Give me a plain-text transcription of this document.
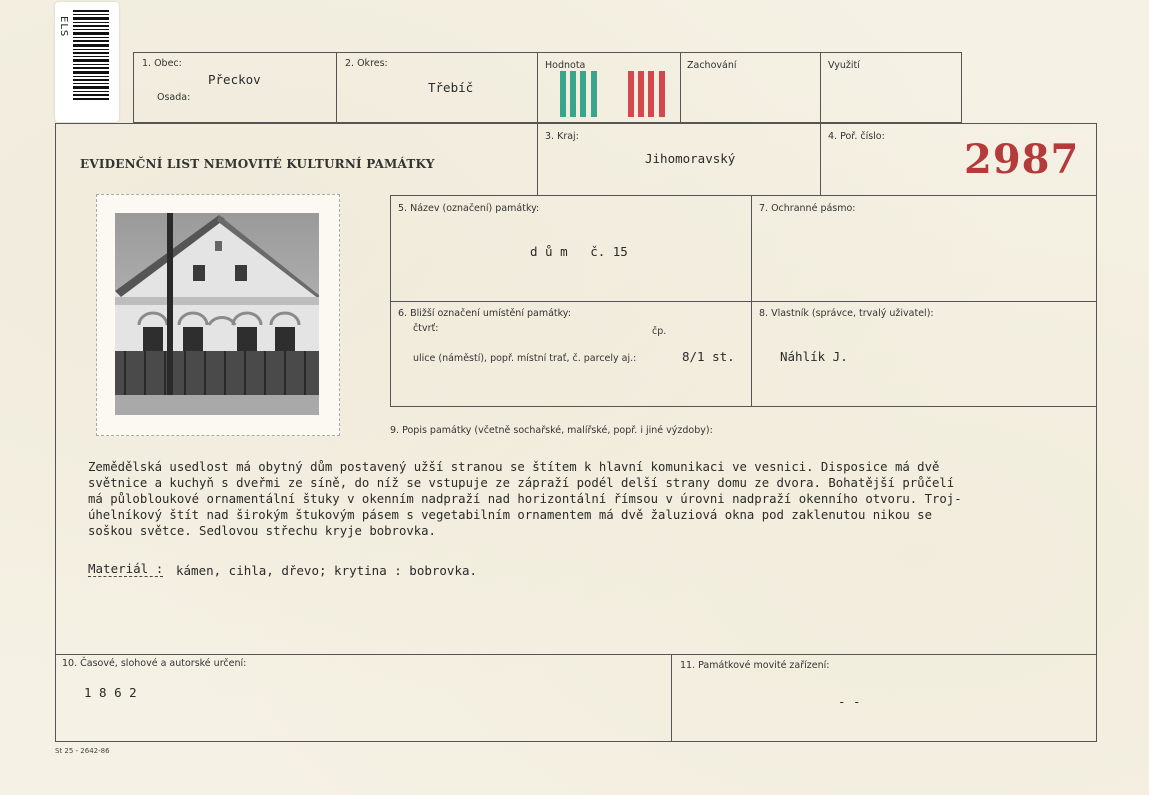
ELS
1. Obec:
Přeckov
Osada:
2. Okres:
Třebíč
Hodnota	Zachování	Využití
EVIDENČNÍ LIST NEMOVITÉ KULTURNÍ PAMÁTKY
3. Kraj:
Jihomoravský
4. Poř. číslo: 2987
5. Název (označení) památky:
d ů m   č. 15
7. Ochranné pásmo:
6. Bližší označení umístění památky:
čtvrť:	čp.
ulice (náměstí), popř. místní trať, č. parcely aj.:	8/1 st.
8. Vlastník (správce, trvalý uživatel):
Náhlík J.
9. Popis památky (včetně sochařské, malířské, popř. i jiné výzdoby):
Zemědělská usedlost má obytný dům postavený užší stranou se štítem k hlavní komunikaci ve vesnici. Disposice má dvě
světnice a kuchyň s dveřmi ze síně, do níž se vstupuje ze zápraží podél delší strany domu ze dvora. Bohatější průčelí
má půlobloukové ornamentální štuky v okenním nadpraží nad horizontální římsou v úrovni nadpraží okenního otvoru. Troj-
úhelníkový štít nad širokým štukovým pásem s vegetabilním ornamentem má dvě žaluziová okna pod zaklenutou nikou se
soškou světce. Sedlovou střechu kryje bobrovka.
Materiál : kámen, cihla, dřevo; krytina : bobrovka.
10. Časové, slohové a autorské určení:
1 8 6 2
11. Památkové movité zařízení:
- -
St 25 - 2642-86
